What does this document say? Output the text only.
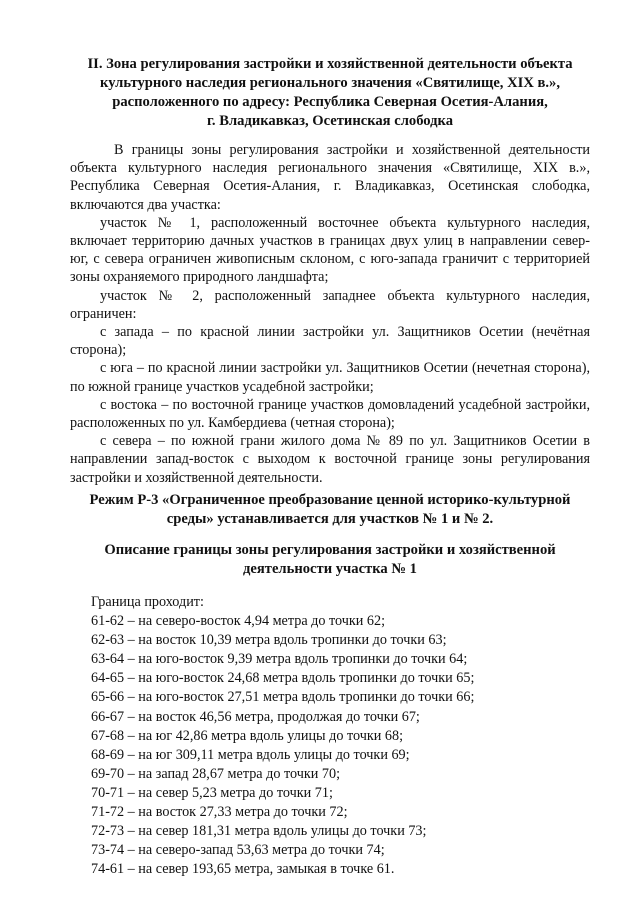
II. Зона регулирования застройки и хозяйственной деятельности объекта
культурного наследия регионального значения «Святилище, XIX в.»,
расположенного по адресу: Республика Северная Осетия-Алания,
г. Владикавказ, Осетинская слободка

В границы зоны регулирования застройки и хозяйственной деятельности объекта культурного наследия регионального значения «Святилище, XIX в.», Республика Северная Осетия-Алания, г. Владикавказ, Осетинская слободка, включаются два участка:

участок № 1, расположенный восточнее объекта культурного наследия, включает территорию дачных участков в границах двух улиц в направлении север-юг, с севера ограничен живописным склоном, с юго-запада граничит с территорией зоны охраняемого природного ландшафта;

участок № 2, расположенный западнее объекта культурного наследия, ограничен:

с запада – по красной линии застройки ул. Защитников Осетии (нечётная сторона);

с юга – по красной линии застройки ул. Защитников Осетии (нечетная сторона), по южной границе участков усадебной застройки;

с востока – по восточной границе участков домовладений усадебной застройки, расположенных по ул. Камбердиева (четная сторона);

с севера – по южной грани жилого дома № 89 по ул. Защитников Осетии в направлении запад-восток с выходом к восточной границе зоны регулирования застройки и хозяйственной деятельности.

Режим Р-3 «Ограниченное преобразование ценной историко-культурной
среды» устанавливается для участков № 1 и № 2.
Описание границы зоны регулирования застройки и хозяйственной
деятельности участка № 1
Граница проходит:
61-62 – на северо-восток 4,94 метра до точки 62;
62-63 – на восток 10,39 метра вдоль тропинки до точки 63;
63-64 – на юго-восток 9,39 метра вдоль тропинки до точки 64;
64-65 – на юго-восток 24,68 метра вдоль тропинки до точки 65;
65-66 – на юго-восток 27,51 метра вдоль тропинки до точки 66;
66-67 – на восток 46,56 метра, продолжая до точки 67;
67-68 – на юг 42,86 метра вдоль улицы до точки 68;
68-69 – на юг 309,11 метра вдоль улицы до точки 69;
69-70 – на запад 28,67 метра до точки 70;
70-71 – на север 5,23 метра до точки 71;
71-72 – на восток 27,33 метра до точки 72;
72-73 – на север 181,31 метра вдоль улицы до точки 73;
73-74 – на северо-запад 53,63 метра до точки 74;
74-61 – на север 193,65 метра, замыкая в точке 61.
